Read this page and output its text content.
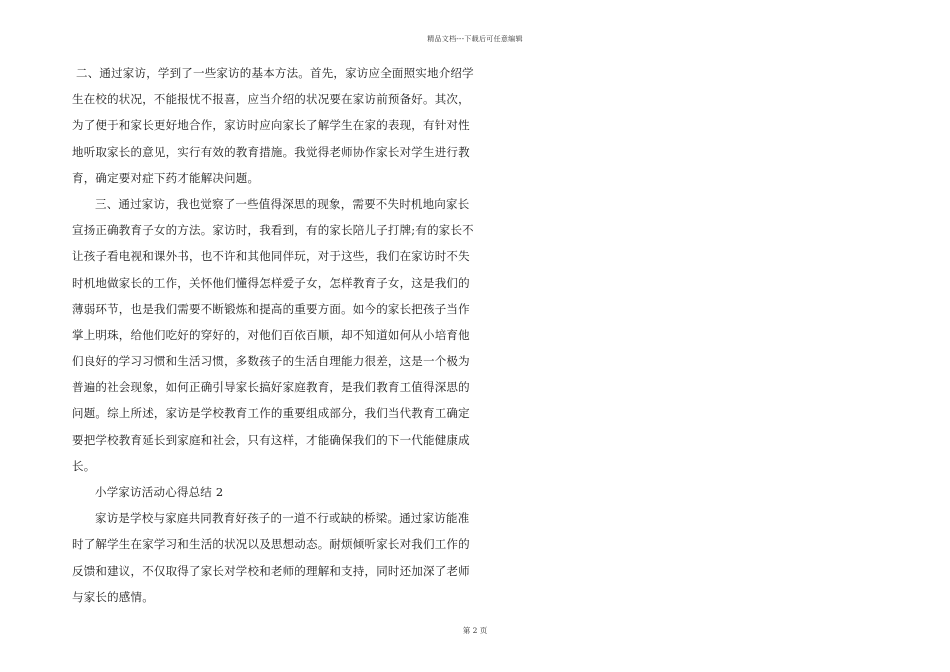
精品文档---下载后可任意编辑

二、通过家访，学到了一些家访的基本方法。首先，家访应全面照实地介绍学

生在校的状况，不能报忧不报喜，应当介绍的状况要在家访前预备好。其次，

为了便于和家长更好地合作，家访时应向家长了解学生在家的表现，有针对性

地听取家长的意见，实行有效的教育措施。我觉得老师协作家长对学生进行教

育，确定要对症下药才能解决问题。

三、通过家访，我也觉察了一些值得深思的现象，需要不失时机地向家长

宣扬正确教育子女的方法。家访时，我看到，有的家长陪儿子打牌;有的家长不

让孩子看电视和课外书，也不许和其他同伴玩，对于这些，我们在家访时不失

时机地做家长的工作，关怀他们懂得怎样爱子女，怎样教育子女，这是我们的

薄弱环节，也是我们需要不断锻炼和提高的重要方面。如今的家长把孩子当作

掌上明珠，给他们吃好的穿好的，对他们百依百顺，却不知道如何从小培育他

们良好的学习习惯和生活习惯，多数孩子的生活自理能力很差，这是一个极为

普遍的社会现象，如何正确引导家长搞好家庭教育，是我们教育工值得深思的

问题。综上所述，家访是学校教育工作的重要组成部分，我们当代教育工确定

要把学校教育延长到家庭和社会，只有这样，才能确保我们的下一代能健康成

长。

小学家访活动心得总结 2

家访是学校与家庭共同教育好孩子的一道不行或缺的桥梁。通过家访能准

时了解学生在家学习和生活的状况以及思想动态。耐烦倾听家长对我们工作的

反馈和建议，不仅取得了家长对学校和老师的理解和支持，同时还加深了老师

与家长的感情。

第 2 页
